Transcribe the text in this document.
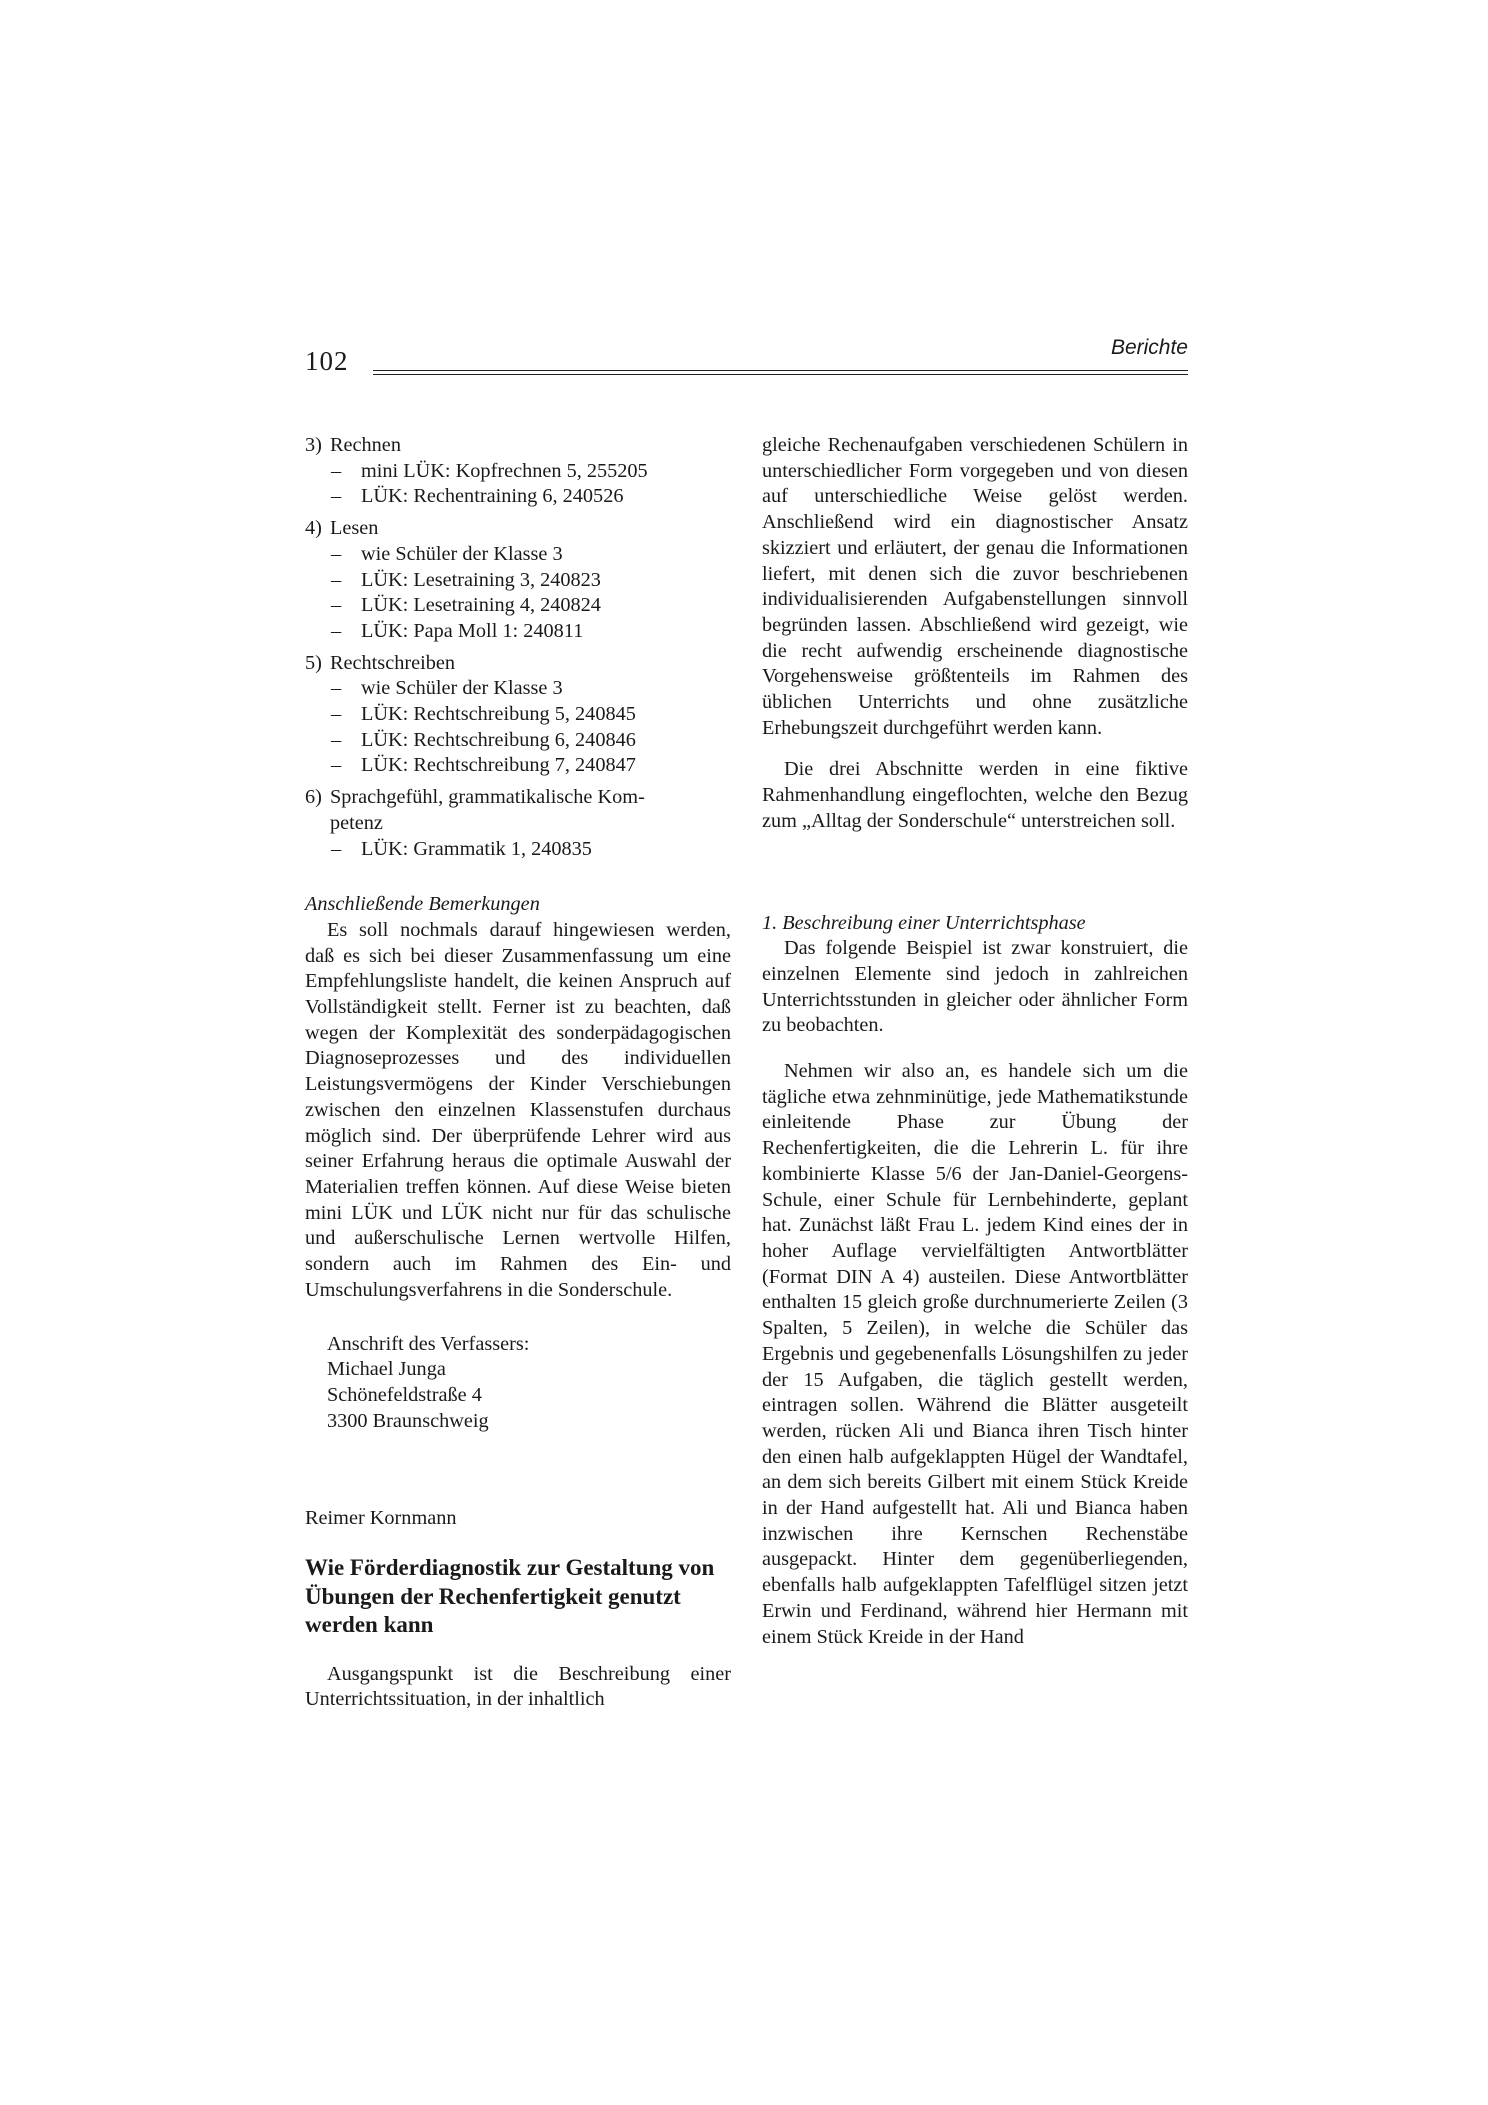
102	Berichte
3) Rechnen
– mini LÜK: Kopfrechnen 5, 255205
– LÜK: Rechentraining 6, 240526
4) Lesen
– wie Schüler der Klasse 3
– LÜK: Lesetraining 3, 240823
– LÜK: Lesetraining 4, 240824
– LÜK: Papa Moll 1: 240811
5) Rechtschreiben
– wie Schüler der Klasse 3
– LÜK: Rechtschreibung 5, 240845
– LÜK: Rechtschreibung 6, 240846
– LÜK: Rechtschreibung 7, 240847
6) Sprachgefühl, grammatikalische Kom-
petenz
– LÜK: Grammatik 1, 240835
Anschließende Bemerkungen

Es soll nochmals darauf hingewiesen werden, daß es sich bei dieser Zusammenfassung um eine Empfehlungsliste handelt, die keinen Anspruch auf Vollständigkeit stellt. Ferner ist zu beachten, daß wegen der Komplexität des sonderpädagogischen Diagnoseprozesses und des individuellen Leistungsvermögens der Kinder Verschiebungen zwischen den einzelnen Klassenstufen durchaus möglich sind. Der überprüfende Lehrer wird aus seiner Erfahrung heraus die optimale Auswahl der Materialien treffen können. Auf diese Weise bieten mini LÜK und LÜK nicht nur für das schulische und außerschulische Lernen wertvolle Hilfen, sondern auch im Rahmen des Ein- und Umschulungsverfahrens in die Sonderschule.

Anschrift des Verfassers:
Michael Junga
Schönefeldstraße 4
3300 Braunschweig
Reimer Kornmann
Wie Förderdiagnostik zur Gestaltung von Übungen der Rechenfertigkeit genutzt werden kann

Ausgangspunkt ist die Beschreibung einer Unterrichtssituation, in der inhaltlich

gleiche Rechenaufgaben verschiedenen Schülern in unterschiedlicher Form vorgegeben und von diesen auf unterschiedliche Weise gelöst werden. Anschließend wird ein diagnostischer Ansatz skizziert und erläutert, der genau die Informationen liefert, mit denen sich die zuvor beschriebenen individualisierenden Aufgabenstellungen sinnvoll begründen lassen. Abschließend wird gezeigt, wie die recht aufwendig erscheinende diagnostische Vorgehensweise größtenteils im Rahmen des üblichen Unterrichts und ohne zusätzliche Erhebungszeit durchgeführt werden kann.

Die drei Abschnitte werden in eine fiktive Rahmenhandlung eingeflochten, welche den Bezug zum „Alltag der Sonderschule“ unterstreichen soll.

1. Beschreibung einer Unterrichtsphase

Das folgende Beispiel ist zwar konstruiert, die einzelnen Elemente sind jedoch in zahlreichen Unterrichtsstunden in gleicher oder ähnlicher Form zu beobachten.

Nehmen wir also an, es handele sich um die tägliche etwa zehnminütige, jede Mathematikstunde einleitende Phase zur Übung der Rechenfertigkeiten, die die Lehrerin L. für ihre kombinierte Klasse 5/6 der Jan-Daniel-Georgens-Schule, einer Schule für Lernbehinderte, geplant hat. Zunächst läßt Frau L. jedem Kind eines der in hoher Auflage vervielfältigten Antwortblätter (Format DIN A 4) austeilen. Diese Antwortblätter enthalten 15 gleich große durchnumerierte Zeilen (3 Spalten, 5 Zeilen), in welche die Schüler das Ergebnis und gegebenenfalls Lösungshilfen zu jeder der 15 Aufgaben, die täglich gestellt werden, eintragen sollen. Während die Blätter ausgeteilt werden, rücken Ali und Bianca ihren Tisch hinter den einen halb aufgeklappten Hügel der Wandtafel, an dem sich bereits Gilbert mit einem Stück Kreide in der Hand aufgestellt hat. Ali und Bianca haben inzwischen ihre Kernschen Rechenstäbe ausgepackt. Hinter dem gegenüberliegenden, ebenfalls halb aufgeklappten Tafelflügel sitzen jetzt Erwin und Ferdinand, während hier Hermann mit einem Stück Kreide in der Hand
